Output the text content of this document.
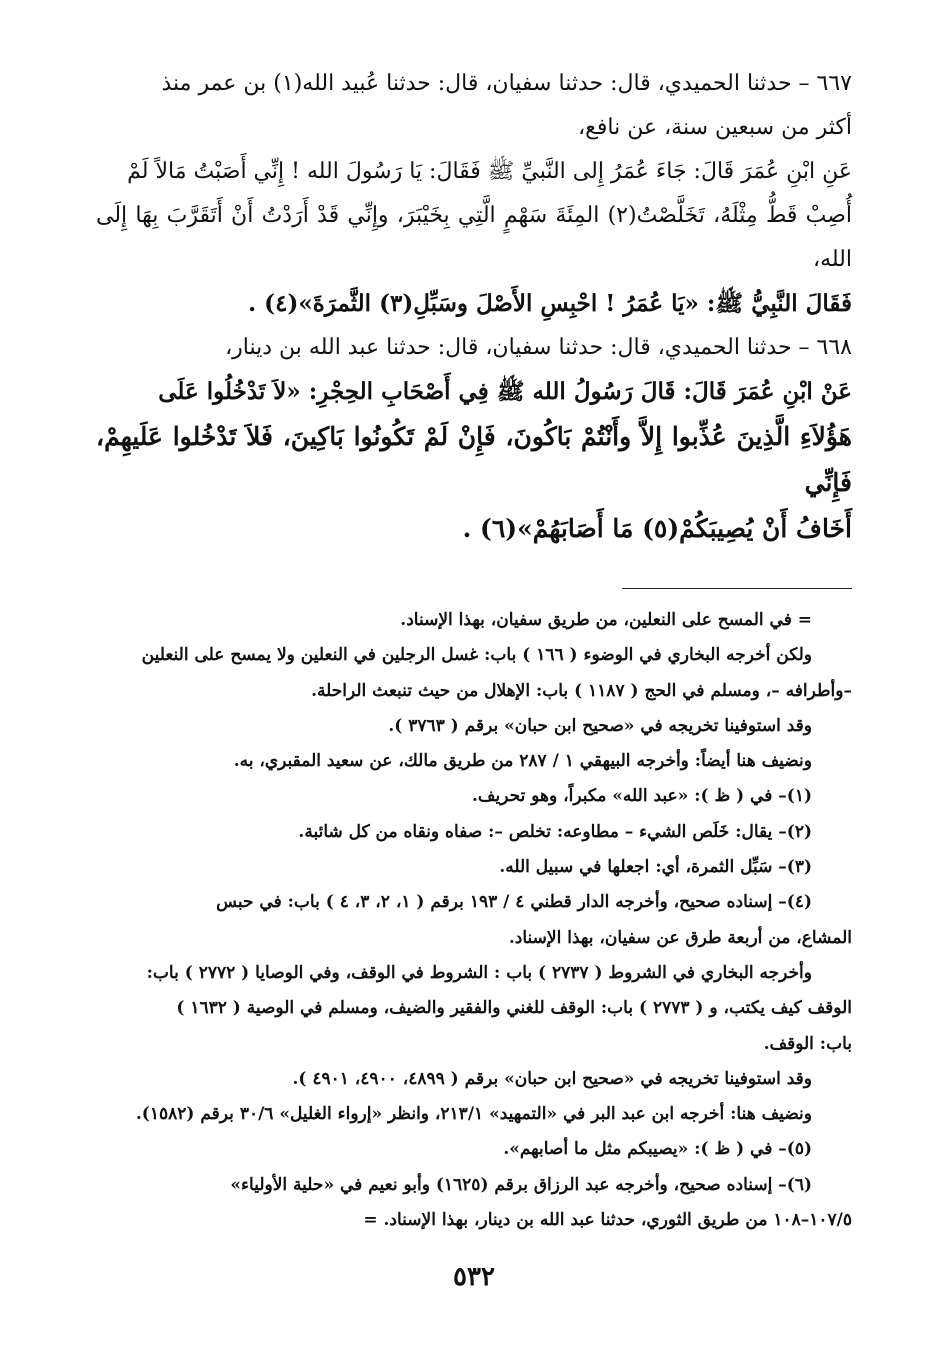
٦٦٧ – حدثنا الحميدي، قال: حدثنا سفيان، قال: حدثنا عُبيد الله(١) بن عمر منذ

أكثر من سبعين سنة، عن نافع،

عَنِ ابْنِ عُمَرَ قَالَ: جَاءَ عُمَرُ إِلى النَّبيِّ ﷺ فَقَالَ: يَا رَسُولَ الله ! إِنِّي أَصَبْتُ مَالاً لَمْ

أُصِبْ قَطُّ مِثْلَهُ، تَخَلَّصْتُ(٢) المِئَةَ سَهْمٍ الَّتِي بِخَيْبَرَ، وإِنِّي قَدْ أَرَدْتُ أَنْ أَتَقَرَّبَ بِهَا إِلَى الله،

فَقَالَ النَّبِيُّ ﷺ: «يَا عُمَرُ ! احْبِسِ الأَصْلَ وسَبِّلِ(٣) الثَّمرَةَ»(٤) .

٦٦٨ – حدثنا الحميدي، قال: حدثنا سفيان، قال: حدثنا عبد الله بن دينار،

عَنْ ابْنِ عُمَرَ قَالَ: قَالَ رَسُولُ الله ﷺ فِي أَصْحَابِ الحِجْرِ: «لاَ تَدْخُلُوا عَلَى

هَؤُلاَءِ الَّذِينَ عُذِّبوا إِلاَّ وأَنْتُمْ بَاكُونَ، فَإِنْ لَمْ تَكُونُوا بَاكِينَ، فَلاَ تَدْخُلوا عَلَيهِمْ، فَإِنِّي

أَخَافُ أَنْ يُصِيبَكُمْ(٥) مَا أَصَابَهُمْ»(٦) .

= في المسح على النعلين، من طريق سفيان، بهذا الإسناد.

ولكن أخرجه البخاري في الوضوء ( ١٦٦ ) باب: غسل الرجلين في النعلين ولا يمسح على النعلين

–وأطرافه –، ومسلم في الحج ( ١١٨٧ ) باب: الإهلال من حيث تنبعث الراحلة.

وقد استوفينا تخريجه في «صحيح ابن حبان» برقم ( ٣٧٦٣ ).

ونضيف هنا أيضاً: وأخرجه البيهقي ١ / ٢٨٧ من طريق مالك، عن سعيد المقبري، به.

(١)– في ( ظ ): «عبد الله» مكبراً، وهو تحريف.

(٢)– يقال: خَلَص الشيء – مطاوعه: تخلص –: صفاه ونقاه من كل شائبة.

(٣)– سَبِّل الثمرة، أي: اجعلها في سبيل الله.

(٤)– إسناده صحيح، وأخرجه الدار قطني ٤ / ١٩٣ برقم ( ١، ٢، ٣، ٤ ) باب: في حبس

المشاع، من أربعة طرق عن سفيان، بهذا الإسناد.

وأخرجه البخاري في الشروط ( ٢٧٣٧ ) باب : الشروط في الوقف، وفي الوصايا ( ٢٧٧٢ ) باب:

الوقف كيف يكتب، و ( ٢٧٧٣ ) باب: الوقف للغني والفقير والضيف، ومسلم في الوصية ( ١٦٣٢ )

باب: الوقف.

وقد استوفينا تخريجه في «صحيح ابن حبان» برقم ( ٤٨٩٩، ٤٩٠٠، ٤٩٠١ ).

ونضيف هنا: أخرجه ابن عبد البر في «التمهيد» ٢١٣/١، وانظر «إرواء الغليل» ٣٠/٦ برقم (١٥٨٢).

(٥)– في ( ظ ): «يصيبكم مثل ما أصابهم».

(٦)– إسناده صحيح، وأخرجه عبد الرزاق برقم (١٦٢٥) وأبو نعيم في «حلية الأولياء»

١٠٧/٥–١٠٨ من طريق الثوري، حدثنا عبد الله بن دينار، بهذا الإسناد. =

٥٣٢
